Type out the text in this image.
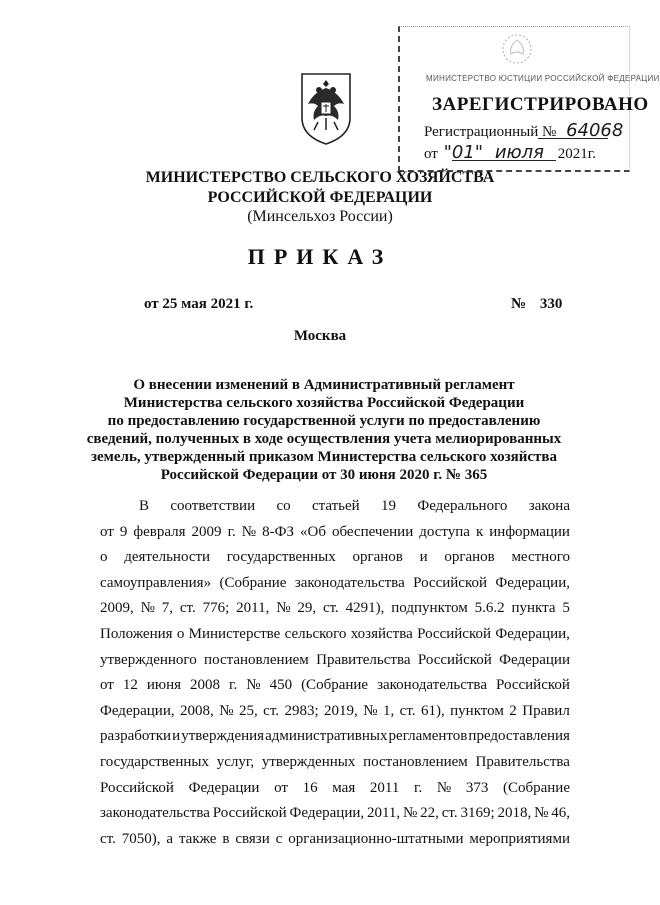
МИНИСТЕРСТВО ЮСТИЦИИ РОССИЙСКОЙ ФЕДЕРАЦИИ
ЗАРЕГИСТРИРОВАНО
Регистрационный № 64068
от "01" июля 2021г.
МИНИСТЕРСТВО СЕЛЬСКОГО ХОЗЯЙСТВА
РОССИЙСКОЙ ФЕДЕРАЦИИ
(Минсельхоз России)
ПРИКАЗ
от 25 мая 2021 г.	№ 330
Москва
О внесении изменений в Административный регламент
Министерства сельского хозяйства Российской Федерации
по предоставлению государственной услуги по предоставлению
сведений, полученных в ходе осуществления учета мелиорированных
земель, утвержденный приказом Министерства сельского хозяйства
Российской Федерации от 30 июня 2020 г. № 365
В соответствии со статьей 19 Федерального закона
от 9 февраля 2009 г. № 8-ФЗ «Об обеспечении доступа к информации
о деятельности государственных органов и органов местного
самоуправления» (Собрание законодательства Российской Федерации,
2009, № 7, ст. 776; 2011, № 29, ст. 4291), подпунктом 5.6.2 пункта 5
Положения о Министерстве сельского хозяйства Российской Федерации,
утвержденного постановлением Правительства Российской Федерации
от 12 июня 2008 г. № 450 (Собрание законодательства Российской
Федерации, 2008, № 25, ст. 2983; 2019, № 1, ст. 61), пунктом 2 Правил
разработки и утверждения административных регламентов предоставления
государственных услуг, утвержденных постановлением Правительства
Российской Федерации от 16 мая 2011 г. № 373 (Собрание
законодательства Российской Федерации, 2011, № 22, ст. 3169; 2018, № 46,
ст. 7050), а также в связи с организационно-штатными мероприятиями
